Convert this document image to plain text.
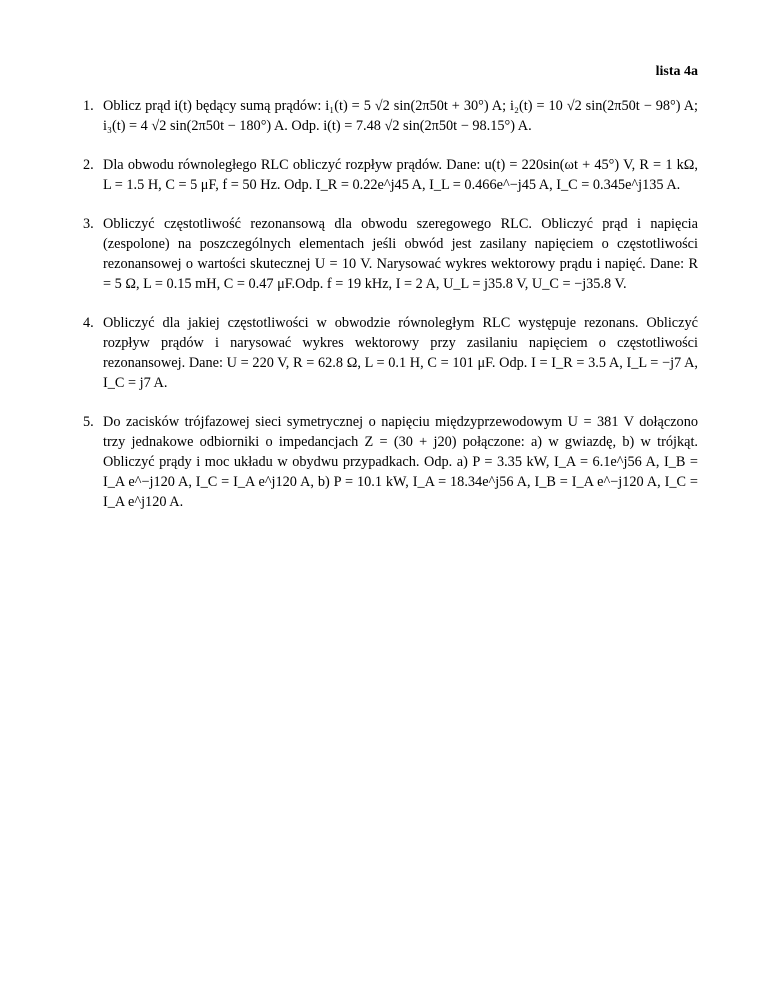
lista 4a
1. Oblicz prąd i(t) będący sumą prądów: i₁(t) = 5 √2 sin(2π50t + 30°) A; i₂(t) = 10 √2 sin(2π50t − 98°) A; i₃(t) = 4 √2 sin(2π50t − 180°) A. Odp. i(t) = 7.48 √2 sin(2π50t − 98.15°) A.
2. Dla obwodu równoległego RLC obliczyć rozpływ prądów. Dane: u(t) = 220sin(ωt + 45°) V, R = 1 kΩ, L = 1.5 H, C = 5 μF, f = 50 Hz. Odp. I_R = 0.22e^j45 A, I_L = 0.466e^−j45 A, I_C = 0.345e^j135 A.
3. Obliczyć częstotliwość rezonansową dla obwodu szeregowego RLC. Obliczyć prąd i napięcia (zespolone) na poszczególnych elementach jeśli obwód jest zasilany napięciem o częstotliwości rezonansowej o wartości skutecznej U = 10 V. Narysować wykres wektorowy prądu i napięć. Dane: R = 5 Ω, L = 0.15 mH, C = 0.47 μF.Odp. f = 19 kHz, I = 2 A, U_L = j35.8 V, U_C = −j35.8 V.
4. Obliczyć dla jakiej częstotliwości w obwodzie równoległym RLC występuje rezonans. Obliczyć rozpływ prądów i narysować wykres wektorowy przy zasilaniu napięciem o częstotliwości rezonansowej. Dane: U = 220 V, R = 62.8 Ω, L = 0.1 H, C = 101 μF. Odp. I = I_R = 3.5 A, I_L = −j7 A, I_C = j7 A.
5. Do zacisków trójfazowej sieci symetrycznej o napięciu międzyprzewodowym U = 381 V dołączono trzy jednakowe odbiorniki o impedancjach Z = (30 + j20) połączone: a) w gwiazdę, b) w trójkąt. Obliczyć prądy i moc układu w obydwu przypadkach. Odp. a) P = 3.35 kW, I_A = 6.1e^j56 A, I_B = I_A e^−j120 A, I_C = I_A e^j120 A, b) P = 10.1 kW, I_A = 18.34e^j56 A, I_B = I_A e^−j120 A, I_C = I_A e^j120 A.
